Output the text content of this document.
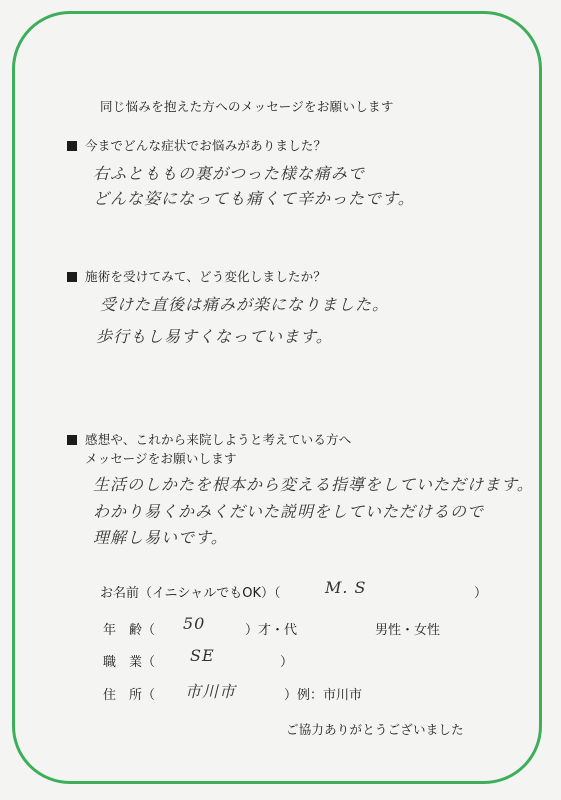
同じ悩みを抱えた方へのメッセージをお願いします
今までどんな症状でお悩みがありました？
右ふとももの裏がつった様な痛みで
どんな姿になっても痛くて辛かったです。
施術を受けてみて、どう変化しましたか？
受けた直後は痛みが楽になりました。
歩行もし易すくなっています。
感想や、これから来院しようと考えている方へ
メッセージをお願いします
生活のしかたを根本から変える指導をしていただけます。
わかり易くかみくだいた説明をしていただけるので
理解し易いです。
お名前（イニシャルでもOK）（	M. S	）
年　齢（ 50	）才・代	男性・女性
職　業（ SE	）
住　所（ 市川市	）例：市川市
ご協力ありがとうございました
